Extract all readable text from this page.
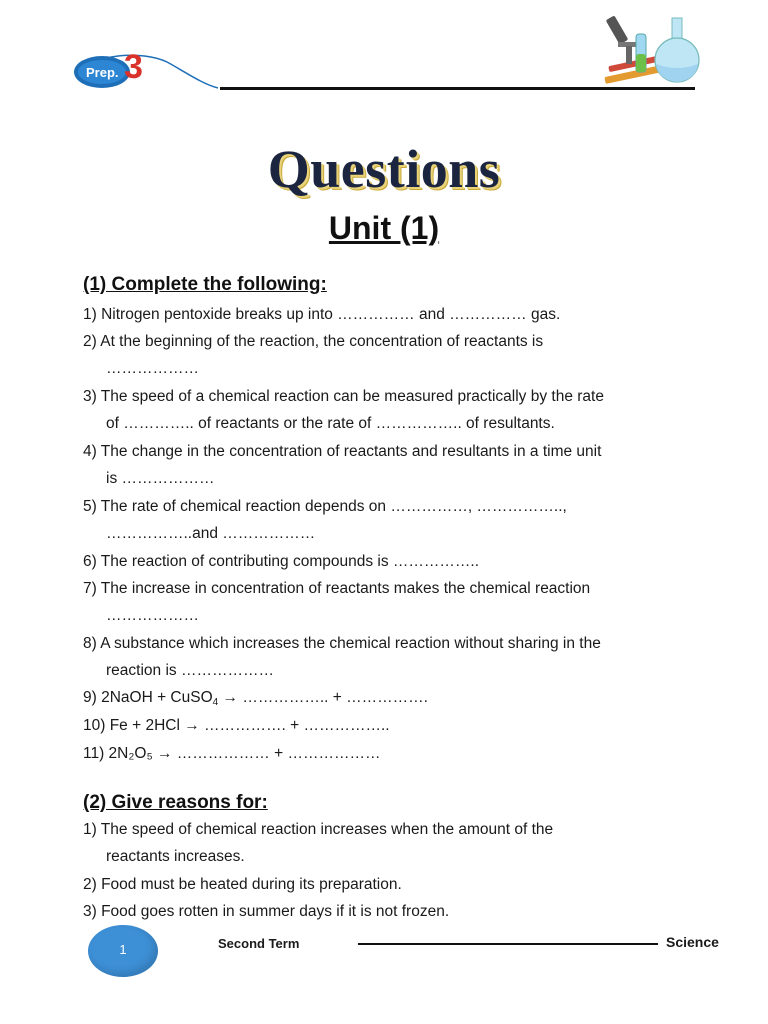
Prep. 3
Questions
Unit (1)
(1) Complete the following:
1) Nitrogen pentoxide breaks up into …………… and …………… gas.
2) At the beginning of the reaction, the concentration of reactants is
………………
3) The speed of a chemical reaction can be measured practically by the rate
of ………….. of reactants or the rate of …………….. of resultants.
4) The change in the concentration of reactants and resultants in a time unit
is ………………
5) The rate of chemical reaction depends on ……………, ……………..,
……………..and ………………
6) The reaction of contributing compounds is ……………..
7) The increase in concentration of reactants makes the chemical reaction
………………
8) A substance which increases the chemical reaction without sharing in the
reaction is ………………
9) 2NaOH + CuSO$_4$ → …………….. + …………….
10) Fe + 2HCl → ……………. + ……………..
11) 2N₂O₅ → ……………… + ………………
(2) Give reasons for:
1) The speed of chemical reaction increases when the amount of the
reactants increases.
2) Food must be heated during its preparation.
3) Food goes rotten in summer days if it is not frozen.
1	Second Term	Science
